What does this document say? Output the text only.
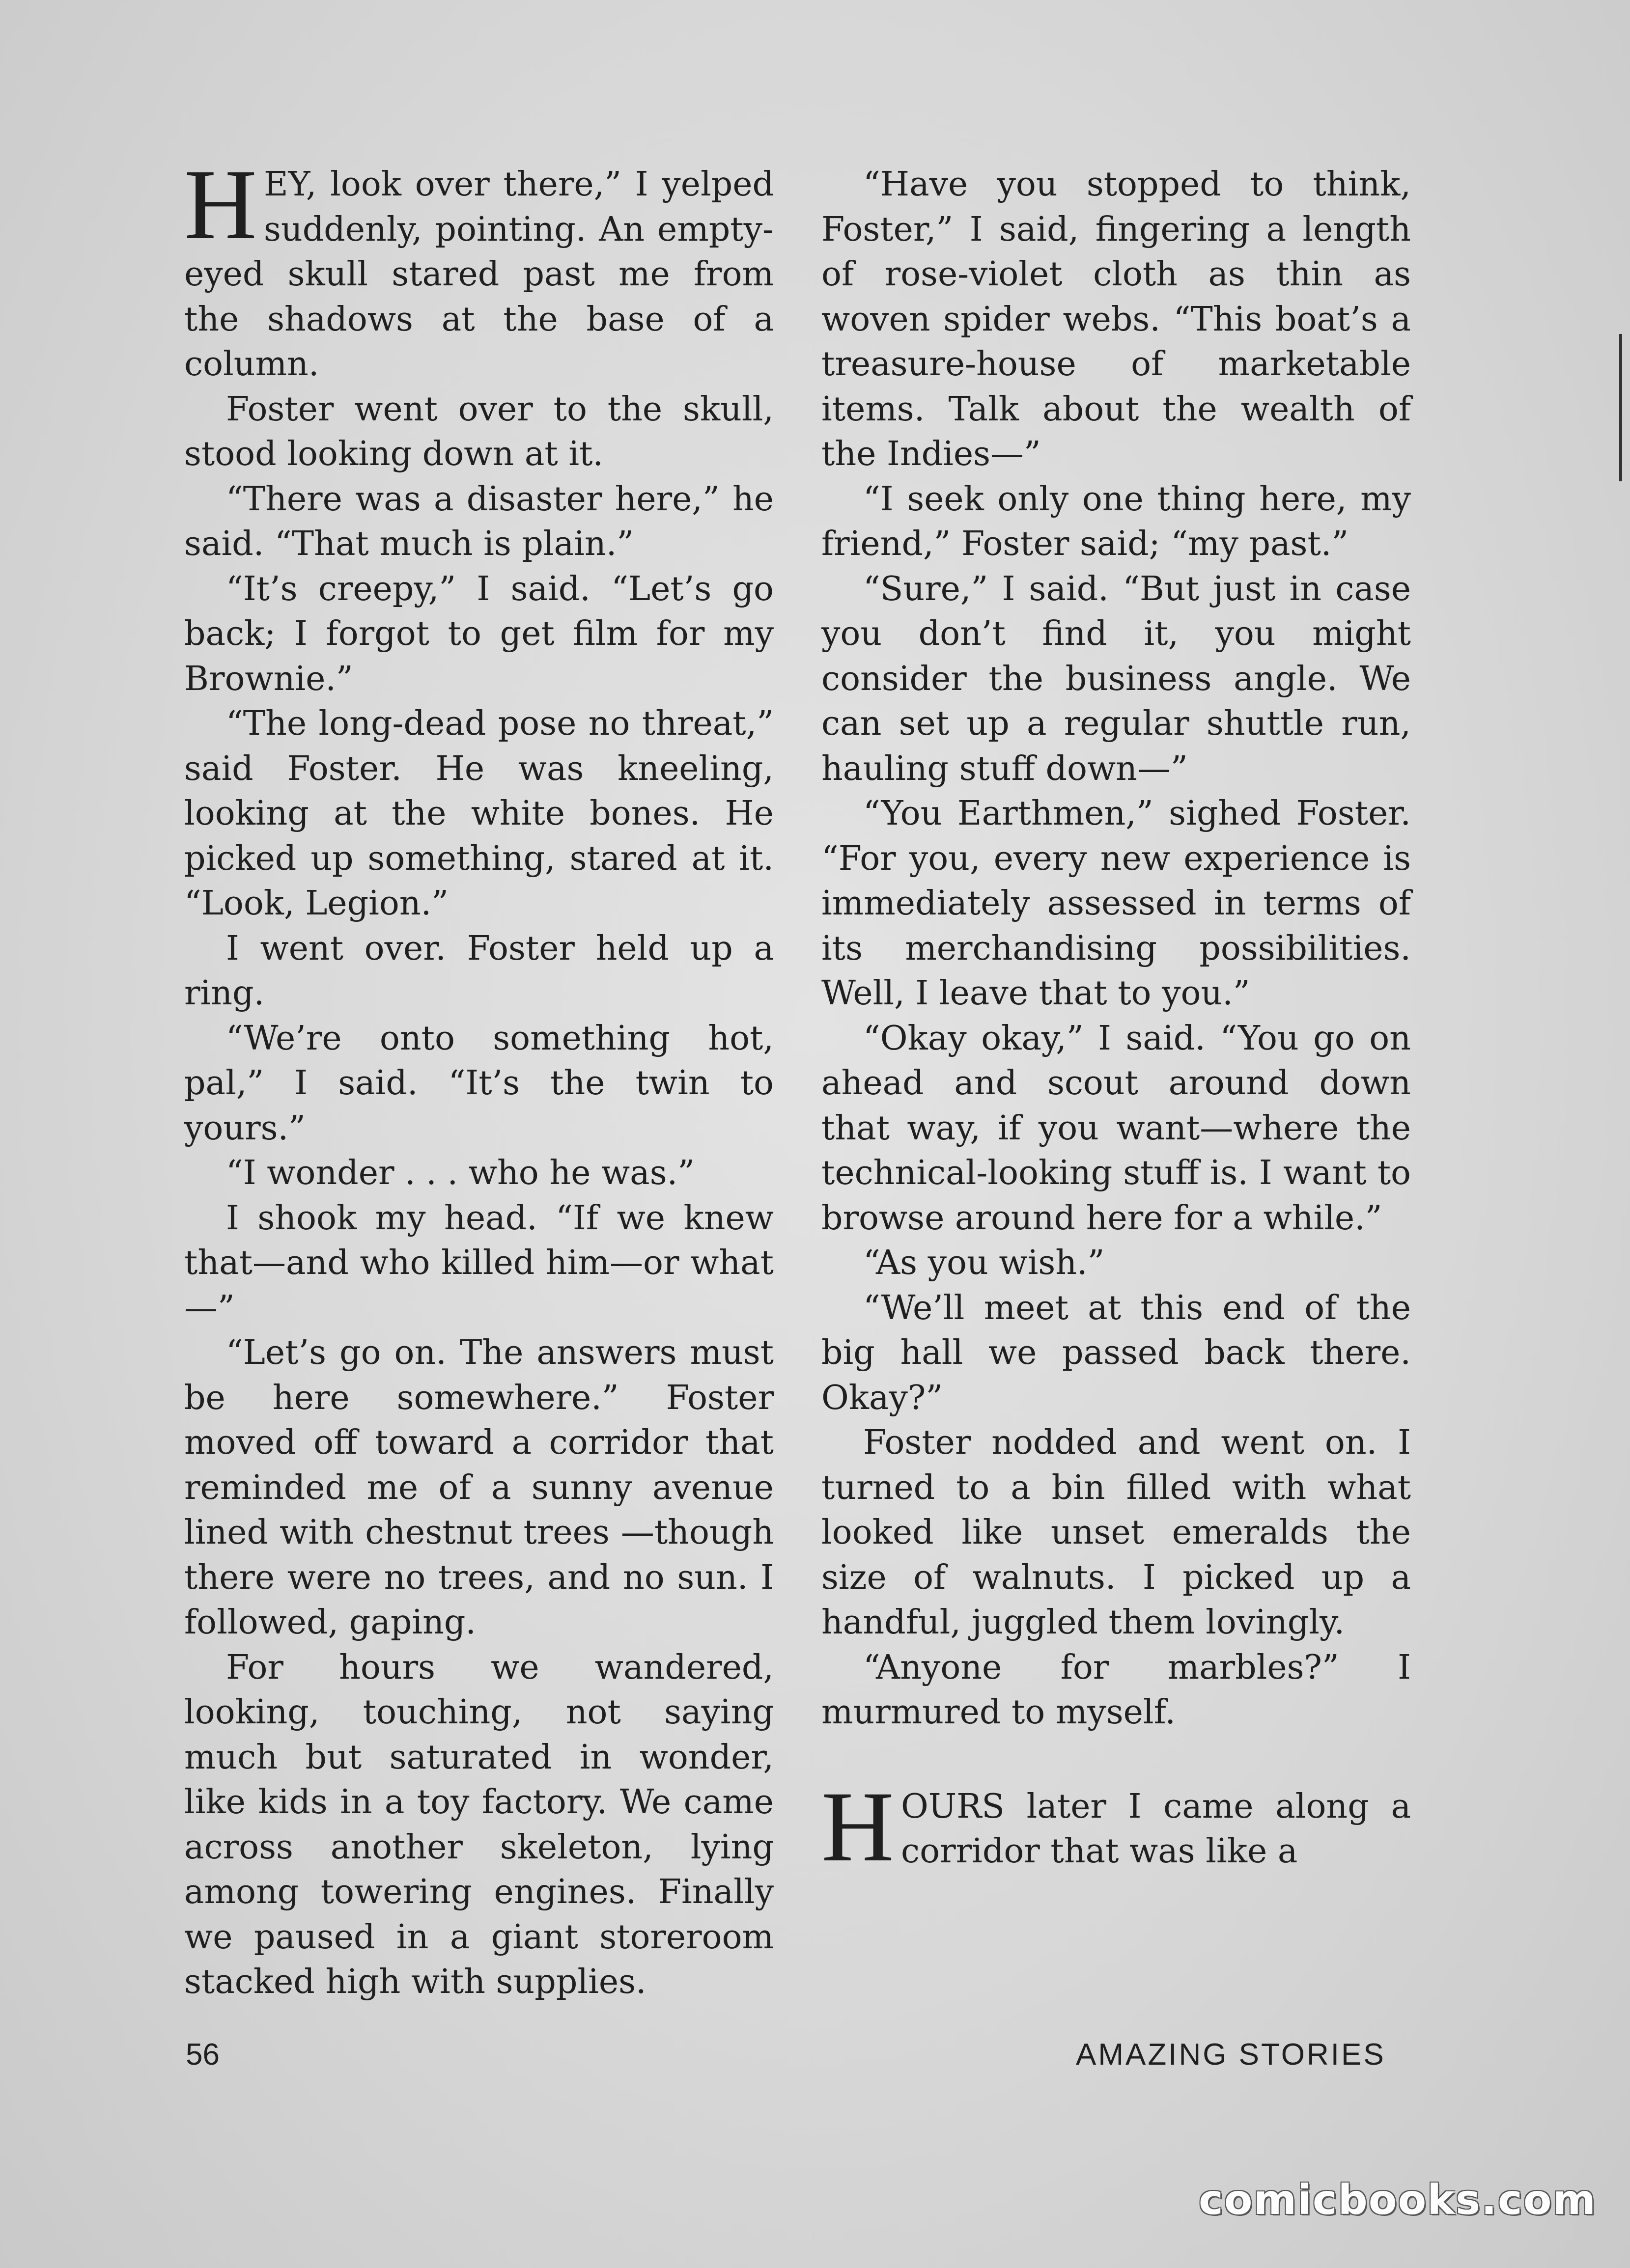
HEY, look over there,” I yelped suddenly, pointing. An empty-eyed skull stared past me from the shadows at the base of a column.

Foster went over to the skull, stood looking down at it.

“There was a disaster here,” he said. “That much is plain.”

“It’s creepy,” I said. “Let’s go back; I forgot to get film for my Brownie.”

“The long-dead pose no threat,” said Foster. He was kneeling, looking at the white bones. He picked up something, stared at it. “Look, Legion.”

I went over. Foster held up a ring.

“We’re onto something hot, pal,” I said. “It’s the twin to yours.”

“I wonder . . . who he was.”

I shook my head. “If we knew that—and who killed him—or what—”

“Let’s go on. The answers must be here somewhere.” Foster moved off toward a corridor that reminded me of a sunny avenue lined with chestnut trees —though there were no trees, and no sun. I followed, gaping.

For hours we wandered, looking, touching, not saying much but saturated in wonder, like kids in a toy factory. We came across another skeleton, lying among towering engines. Finally we paused in a giant storeroom stacked high with supplies.

“Have you stopped to think, Foster,” I said, fingering a length of rose-violet cloth as thin as woven spider webs. “This boat’s a treasure-house of marketable items. Talk about the wealth of the Indies—”

“I seek only one thing here, my friend,” Foster said; “my past.”

“Sure,” I said. “But just in case you don’t find it, you might consider the business angle. We can set up a regular shuttle run, hauling stuff down—”

“You Earthmen,” sighed Foster. “For you, every new experience is immediately assessed in terms of its merchandising possibilities. Well, I leave that to you.”

“Okay okay,” I said. “You go on ahead and scout around down that way, if you want—where the technical-looking stuff is. I want to browse around here for a while.”

“As you wish.”

“We’ll meet at this end of the big hall we passed back there. Okay?”

Foster nodded and went on. I turned to a bin filled with what looked like unset emeralds the size of walnuts. I picked up a handful, juggled them lovingly.

“Anyone for marbles?” I murmured to myself.

HOURS later I came along a corridor that was like a

56	AMAZING STORIES
comicbooks.com
